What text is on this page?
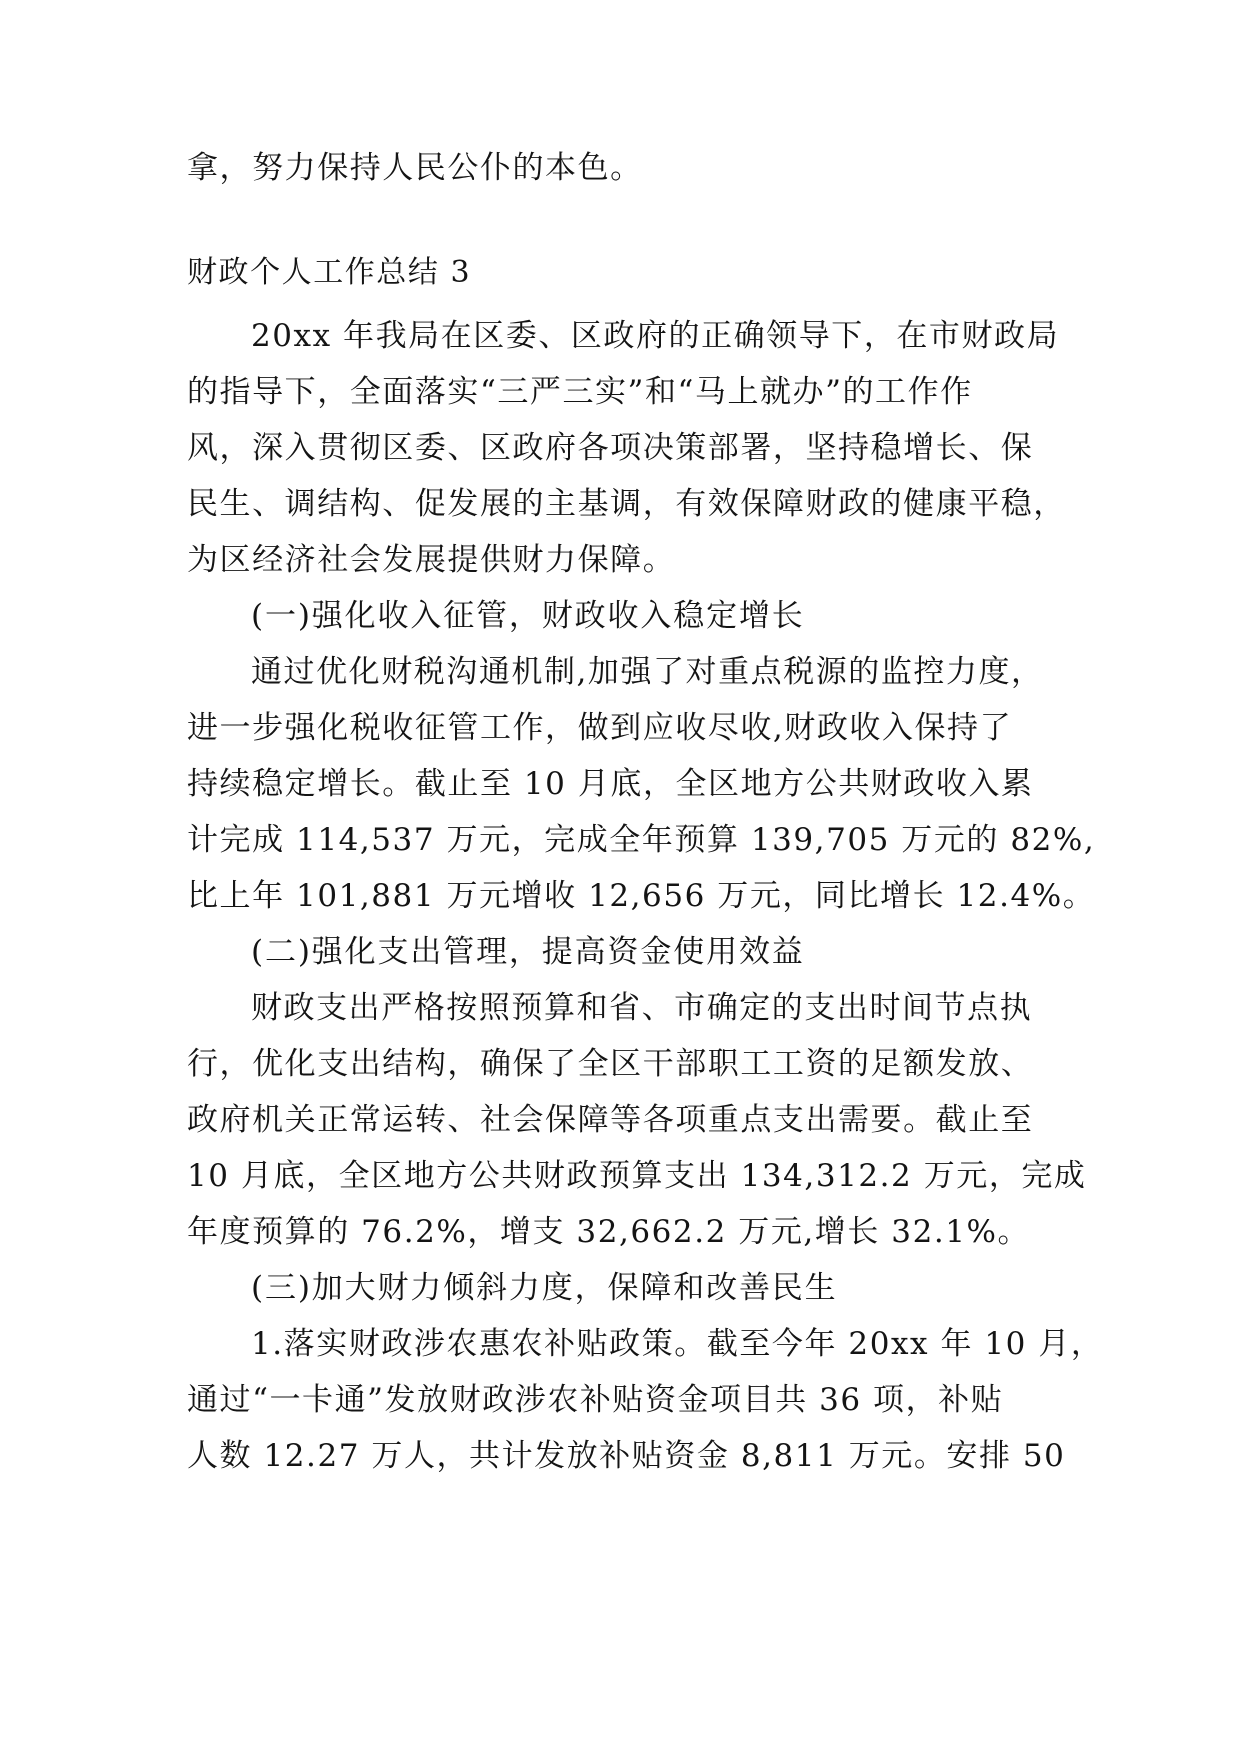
拿，努力保持人民公仆的本色。
财政个人工作总结 3
20xx 年我局在区委、区政府的正确领导下，在市财政局
的指导下，全面落实“三严三实”和“马上就办”的工作作
风，深入贯彻区委、区政府各项决策部署，坚持稳增长、保
民生、调结构、促发展的主基调，有效保障财政的健康平稳，
为区经济社会发展提供财力保障。
(一)强化收入征管，财政收入稳定增长
通过优化财税沟通机制,加强了对重点税源的监控力度，
进一步强化税收征管工作，做到应收尽收,财政收入保持了
持续稳定增长。截止至 10 月底，全区地方公共财政收入累
计完成 114,537 万元，完成全年预算 139,705 万元的 82%,
比上年 101,881 万元增收 12,656 万元，同比增长 12.4%。
(二)强化支出管理，提高资金使用效益
财政支出严格按照预算和省、市确定的支出时间节点执
行，优化支出结构，确保了全区干部职工工资的足额发放、
政府机关正常运转、社会保障等各项重点支出需要。截止至
10 月底，全区地方公共财政预算支出 134,312.2 万元，完成
年度预算的 76.2%，增支 32,662.2 万元,增长 32.1%。
(三)加大财力倾斜力度，保障和改善民生
1.落实财政涉农惠农补贴政策。截至今年 20xx 年 10 月，
通过“一卡通”发放财政涉农补贴资金项目共 36 项，补贴
人数 12.27 万人，共计发放补贴资金 8,811 万元。安排 50
